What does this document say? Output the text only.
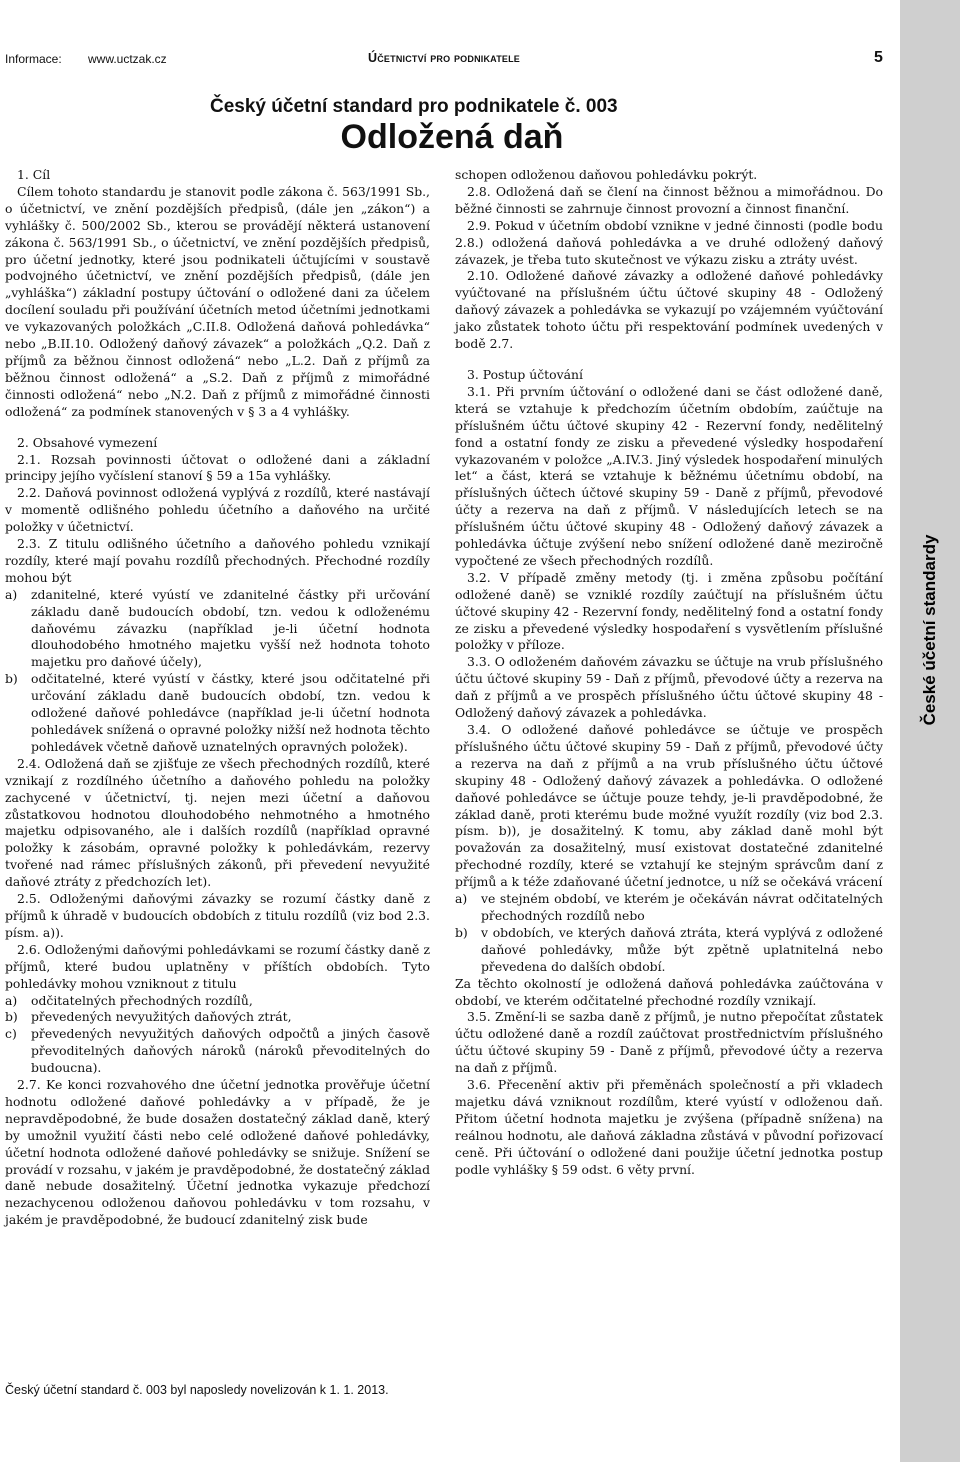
Informace: www.uctzak.cz	Účetnictví pro podnikatele	5
České účetní standardy
Český účetní standard pro podnikatele č. 003
Odložená daň

1. Cíl

Cílem tohoto standardu je stanovit podle zákona č. 563/1991 Sb., o účetnictví, ve znění pozdějších předpisů, (dále jen „zákon“) a vyhlášky č. 500/2002 Sb., kterou se provádějí některá ustanovení zákona č. 563/1991 Sb., o účetnictví, ve znění pozdějších předpisů, pro účetní jednotky, které jsou podnikateli účtujícími v soustavě podvojného účetnictví, ve znění pozdějších předpisů, (dále jen „vyhláška“) základní postupy účtování o odložené dani za účelem docílení souladu při používání účetních metod účetními jednotkami ve vykazovaných položkách „C.II.8. Odložená daňová pohledávka“ nebo „B.II.10. Odložený daňový závazek“ a položkách „Q.2. Daň z příjmů za běžnou činnost odložená“ nebo „L.2. Daň z příjmů za běžnou činnost odložená“ a „S.2. Daň z příjmů z mimořádné činnosti odložená“ nebo „N.2. Daň z příjmů z mimořádné činnosti odložená“ za podmínek stanovených v § 3 a 4 vyhlášky.

2. Obsahové vymezení

2.1. Rozsah povinnosti účtovat o odložené dani a základní principy jejího vyčíslení stanoví § 59 a 15a vyhlášky.

2.2. Daňová povinnost odložená vyplývá z rozdílů, které nastávají v momentě odlišného pohledu účetního a daňového na určité položky v účetnictví.

2.3. Z titulu odlišného účetního a daňového pohledu vznikají rozdíly, které mají povahu rozdílů přechodných. Přechodné rozdíly mohou být

a)	zdanitelné, které vyústí ve zdanitelné částky při určování základu daně budoucích období, tzn. vedou k odloženému daňovému závazku (například je-li účetní hodnota dlouhodobého hmotného majetku vyšší než hodnota tohoto majetku pro daňové účely),
b)	odčitatelné, které vyústí v částky, které jsou odčitatelné při určování základu daně budoucích období, tzn. vedou k odložené daňové pohledávce (například je-li účetní hodnota pohledávek snížená o opravné položky nižší než hodnota těchto pohledávek včetně daňově uznatelných opravných položek).

2.4. Odložená daň se zjišťuje ze všech přechodných rozdílů, které vznikají z rozdílného účetního a daňového pohledu na položky zachycené v účetnictví, tj. nejen mezi účetní a daňovou zůstatkovou hodnotou dlouhodobého nehmotného a hmotného majetku odpisovaného, ale i dalších rozdílů (například opravné položky k zásobám, opravné položky k pohledávkám, rezervy tvořené nad rámec příslušných zákonů, při převedení nevyužité daňové ztráty z předchozích let).

2.5. Odloženými daňovými závazky se rozumí částky daně z příjmů k úhradě v budoucích obdobích z titulu rozdílů (viz bod 2.3. písm. a)).

2.6. Odloženými daňovými pohledávkami se rozumí částky daně z příjmů, které budou uplatněny v příštích obdobích. Tyto pohledávky mohou vzniknout z titulu

a)	odčitatelných přechodných rozdílů,
b)	převedených nevyužitých daňových ztrát,
c)	převedených nevyužitých daňových odpočtů a jiných časově převoditelných daňových nároků (nároků převoditelných do budoucna).

2.7. Ke konci rozvahového dne účetní jednotka prověřuje účetní hodnotu odložené daňové pohledávky a v případě, že je nepravděpodobné, že bude dosažen dostatečný základ daně, který by umožnil využití části nebo celé odložené daňové pohledávky, účetní hodnota odložené daňové pohledávky se snižuje. Snížení se provádí v rozsahu, v jakém je pravděpodobné, že dostatečný základ daně nebude dosažitelný. Účetní jednotka vykazuje předchozí nezachycenou odloženou daňovou pohledávku v tom rozsahu, v jakém je pravděpodobné, že budoucí zdanitelný zisk bude

schopen odloženou daňovou pohledávku pokrýt.

2.8. Odložená daň se člení na činnost běžnou a mimořádnou. Do běžné činnosti se zahrnuje činnost provozní a činnost finanční.

2.9. Pokud v účetním období vznikne v jedné činnosti (podle bodu 2.8.) odložená daňová pohledávka a ve druhé odložený daňový závazek, je třeba tuto skutečnost ve výkazu zisku a ztráty uvést.

2.10. Odložené daňové závazky a odložené daňové pohledávky vyúčtované na příslušném účtu účtové skupiny 48 - Odložený daňový závazek a pohledávka se vykazují po vzájemném vyúčtování jako zůstatek tohoto účtu při respektování podmínek uvedených v bodě 2.7.

3. Postup účtování

3.1. Při prvním účtování o odložené dani se část odložené daně, která se vztahuje k předchozím účetním obdobím, zaúčtuje na příslušném účtu účtové skupiny 42 - Rezervní fondy, nedělitelný fond a ostatní fondy ze zisku a převedené výsledky hospodaření vykazovaném v položce „A.IV.3. Jiný výsledek hospodaření minulých let“ a část, která se vztahuje k běžnému účetnímu období, na příslušných účtech účtové skupiny 59 - Daně z příjmů, převodové účty a rezerva na daň z příjmů. V následujících letech se na příslušném účtu účtové skupiny 48 - Odložený daňový závazek a pohledávka účtuje zvýšení nebo snížení odložené daně meziročně vypočtené ze všech přechodných rozdílů.

3.2. V případě změny metody (tj. i změna způsobu počítání odložené daně) se vzniklé rozdíly zaúčtují na příslušném účtu účtové skupiny 42 - Rezervní fondy, nedělitelný fond a ostatní fondy ze zisku a převedené výsledky hospodaření s vysvětlením příslušné položky v příloze.

3.3. O odloženém daňovém závazku se účtuje na vrub příslušného účtu účtové skupiny 59 - Daň z příjmů, převodové účty a rezerva na daň z příjmů a ve prospěch příslušného účtu účtové skupiny 48 - Odložený daňový závazek a pohledávka.

3.4. O odložené daňové pohledávce se účtuje ve prospěch příslušného účtu účtové skupiny 59 - Daň z příjmů, převodové účty a rezerva na daň z příjmů a na vrub příslušného účtu účtové skupiny 48 - Odložený daňový závazek a pohledávka. O odložené daňové pohledávce se účtuje pouze tehdy, je-li pravděpodobné, že základ daně, proti kterému bude možné využít rozdíly (viz bod 2.3. písm. b)), je dosažitelný. K tomu, aby základ daně mohl být považován za dosažitelný, musí existovat dostatečné zdanitelné přechodné rozdíly, které se vztahují ke stejným správcům daní z příjmů a k téže zdaňované účetní jednotce, u níž se očekává vrácení

a)	ve stejném období, ve kterém je očekáván návrat odčitatelných přechodných rozdílů nebo
b)	v obdobích, ve kterých daňová ztráta, která vyplývá z odložené daňové pohledávky, může být zpětně uplatnitelná nebo převedena do dalších období.

Za těchto okolností je odložená daňová pohledávka zaúčtována v období, ve kterém odčitatelné přechodné rozdíly vznikají.

3.5. Změní-li se sazba daně z příjmů, je nutno přepočítat zůstatek účtu odložené daně a rozdíl zaúčtovat prostřednictvím příslušného účtu účtové skupiny 59 - Daně z příjmů, převodové účty a rezerva na daň z příjmů.

3.6. Přecenění aktiv při přeměnách společností a při vkladech majetku dává vzniknout rozdílům, které vyústí v odloženou daň. Přitom účetní hodnota majetku je zvýšena (případně snížena) na reálnou hodnotu, ale daňová základna zůstává v původní pořizovací ceně. Při účtování o odložené dani použije účetní jednotka postup podle vyhlášky § 59 odst. 6 věty první.

Český účetní standard č. 003 byl naposledy novelizován k 1. 1. 2013.
